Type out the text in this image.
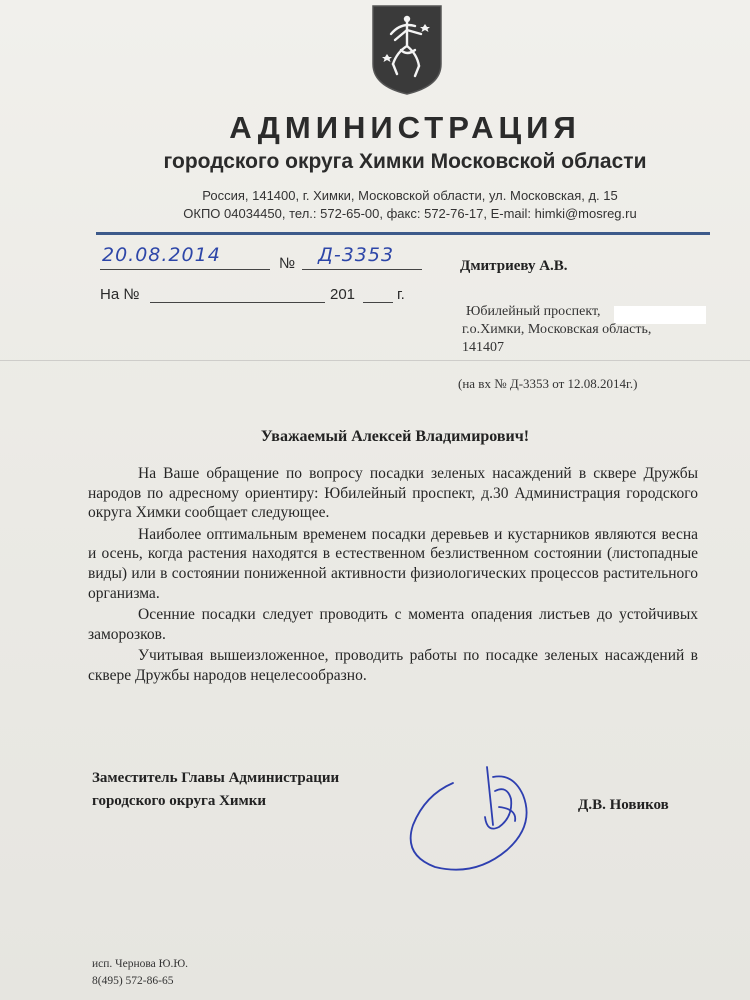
АДМИНИСТРАЦИЯ
городского округа Химки Московской области
Россия, 141400, г. Химки, Московской области, ул. Московская, д. 15
ОКПО 04034450, тел.: 572-65-00, факс: 572-76-17, E-mail: himki@mosreg.ru
20.08.2014	№ Д-3353
На №	201	г.
Дмитриеву А.В.
Юбилейный проспект,
г.о.Химки, Московская область,
141407
(на вх № Д-3353 от 12.08.2014г.)
Уважаемый Алексей Владимирович!

На Ваше обращение по вопросу посадки зеленых насаждений в сквере Дружбы народов по адресному ориентиру: Юбилейный проспект, д.30 Администрация городского округа Химки сообщает следующее.

Наиболее оптимальным временем посадки деревьев и кустарников являются весна и осень, когда растения находятся в естественном безлиственном состоянии (листопадные виды) или в состоянии пониженной активности физиологических процессов растительного организма.

Осенние посадки следует проводить с момента опадения листьев до устойчивых заморозков.

Учитывая вышеизложенное, проводить работы по посадке зеленых насаждений в сквере Дружбы народов нецелесообразно.

Заместитель Главы Администрации
городского округа Химки	Д.В. Новиков
исп. Чернова Ю.Ю.
8(495) 572-86-65
